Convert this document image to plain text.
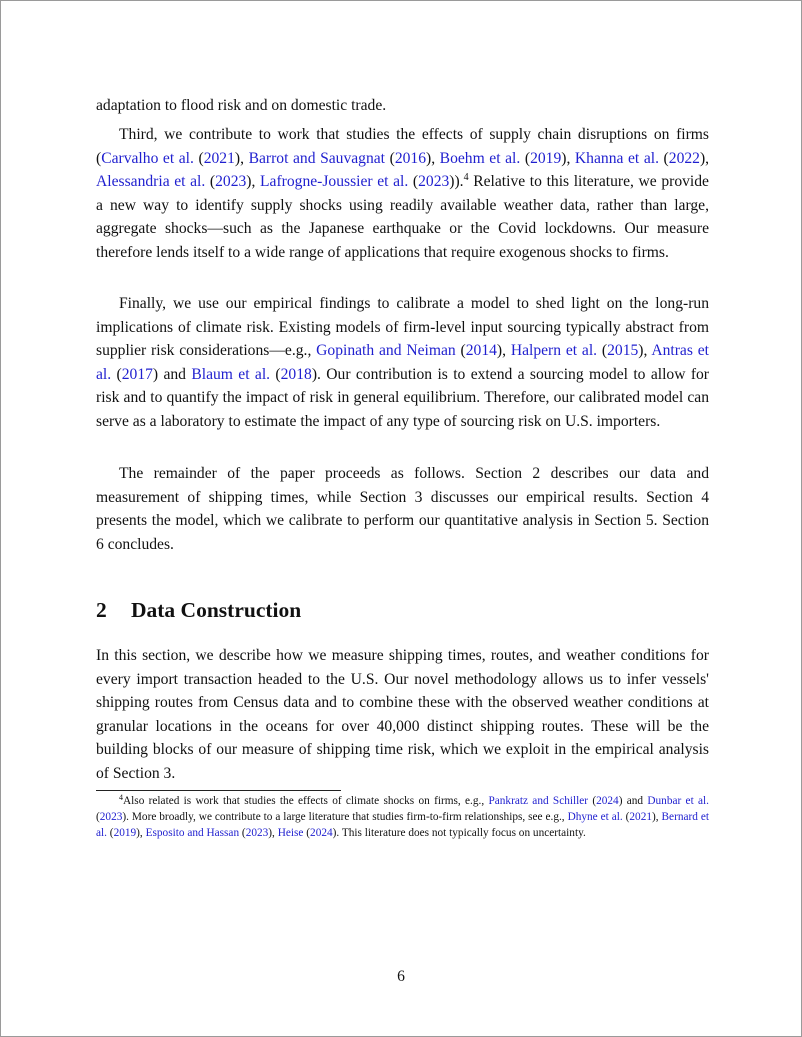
adaptation to flood risk and on domestic trade.

Third, we contribute to work that studies the effects of supply chain disruptions on firms (Carvalho et al. (2021), Barrot and Sauvagnat (2016), Boehm et al. (2019), Khanna et al. (2022), Alessandria et al. (2023), Lafrogne-Joussier et al. (2023)).$^4$ Relative to this literature, we provide a new way to identify supply shocks using readily available weather data, rather than large, aggregate shocks—such as the Japanese earthquake or the Covid lockdowns. Our measure therefore lends itself to a wide range of applications that require exogenous shocks to firms.

Finally, we use our empirical findings to calibrate a model to shed light on the long-run implications of climate risk. Existing models of firm-level input sourcing typically abstract from supplier risk considerations—e.g., Gopinath and Neiman (2014), Halpern et al. (2015), Antras et al. (2017) and Blaum et al. (2018). Our contribution is to extend a sourcing model to allow for risk and to quantify the impact of risk in general equilibrium. Therefore, our calibrated model can serve as a laboratory to estimate the impact of any type of sourcing risk on U.S. importers.

The remainder of the paper proceeds as follows. Section 2 describes our data and measurement of shipping times, while Section 3 discusses our empirical results. Section 4 presents the model, which we calibrate to perform our quantitative analysis in Section 5. Section 6 concludes.

2 Data Construction

In this section, we describe how we measure shipping times, routes, and weather conditions for every import transaction headed to the U.S. Our novel methodology allows us to infer vessels' shipping routes from Census data and to combine these with the observed weather conditions at granular locations in the oceans for over 40,000 distinct shipping routes. These will be the building blocks of our measure of shipping time risk, which we exploit in the empirical analysis of Section 3.

$^4$Also related is work that studies the effects of climate shocks on firms, e.g., Pankratz and Schiller (2024) and Dunbar et al. (2023). More broadly, we contribute to a large literature that studies firm-to-firm relationships, see e.g., Dhyne et al. (2021), Bernard et al. (2019), Esposito and Hassan (2023), Heise (2024). This literature does not typically focus on uncertainty.

6
